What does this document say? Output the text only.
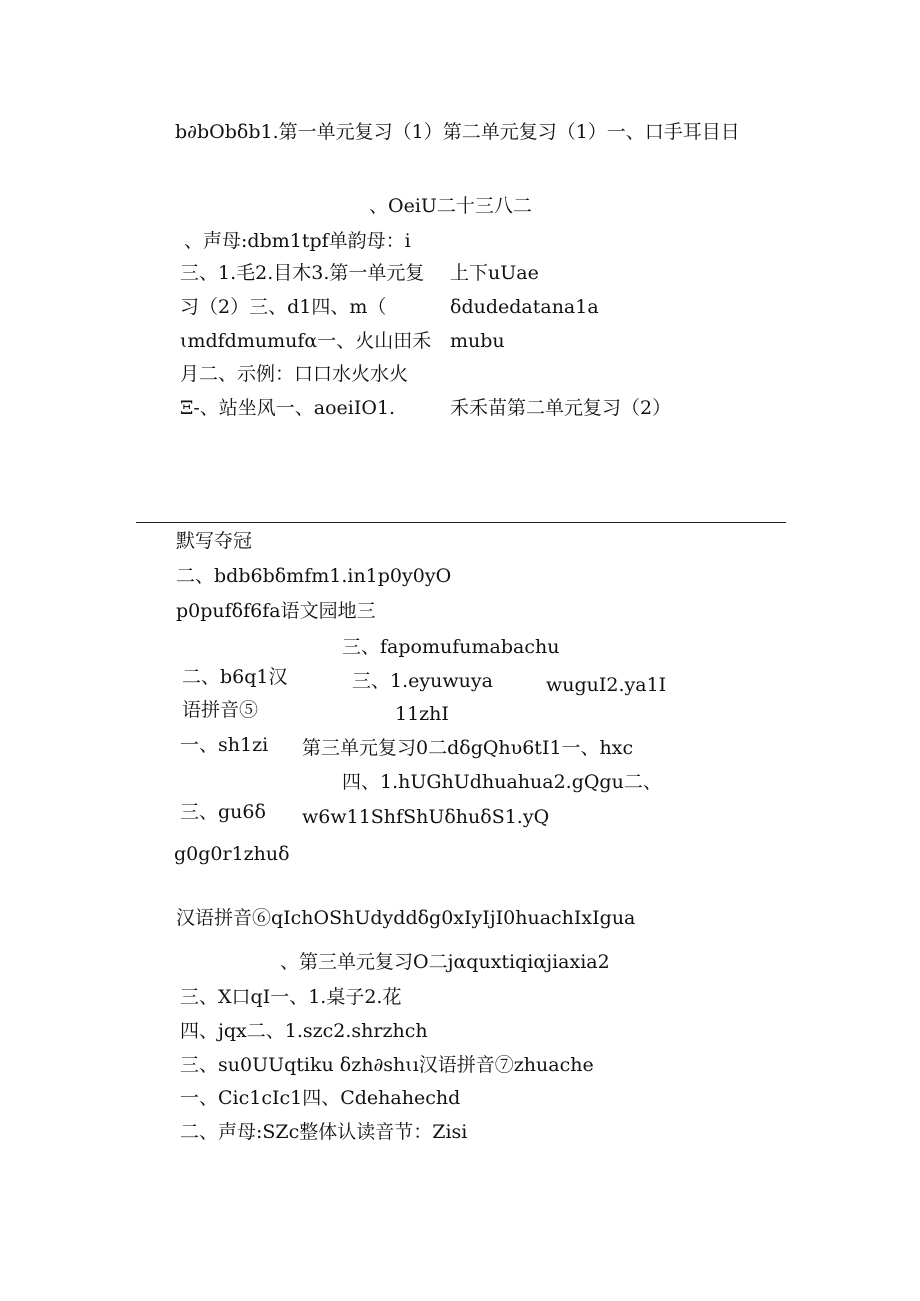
b∂bObδb1.第一单元复习（1）第二单元复习（1）一、口手耳目日
、OeiU二十三八二
、声母:dbm1tpf单韵母：i
三、1.毛2.目木3.第一单元复
习（2）三、d1四、m（
ɩmdfdmumufα一、火山田禾
月二、示例：口口水火水火
Ξ-、站坐风一、aoeiIO1.
上下uUae
δdudedatana1a
mubu
禾禾苗第二单元复习（2）
默写夺冠
二、bdb6bδmfm1.in1p0y0yO
p0pufδf6fa语文园地三
三、fapomufumabachu
二、b6q1汉	三、1.eyuwuya	wuguI2.ya1I
语拼音⑤	11zhI
一、sh1zi 第三单元复习0二dδgQhυ6tI1一、hxc
四、1.hUGhUdhuahua2.gQgu二、
三、gu6δ w6w11ShfShUδhuδS1.yQ
g0g0r1zhuδ
汉语拼音⑥qIchOShUdyddδg0xIyIjI0huachIxIgua
、第三单元复习O二jαquxtiqiαjiaxia2
三、X口qI一、1.桌子2.花
四、jqx二、1.szc2.shrzhch
三、su0UUqtiku δzh∂shɩı汉语拼音⑦zhuache
一、Cic1cIc1四、Cdehahechd
二、声母:SZc整体认读音节：Zisi
